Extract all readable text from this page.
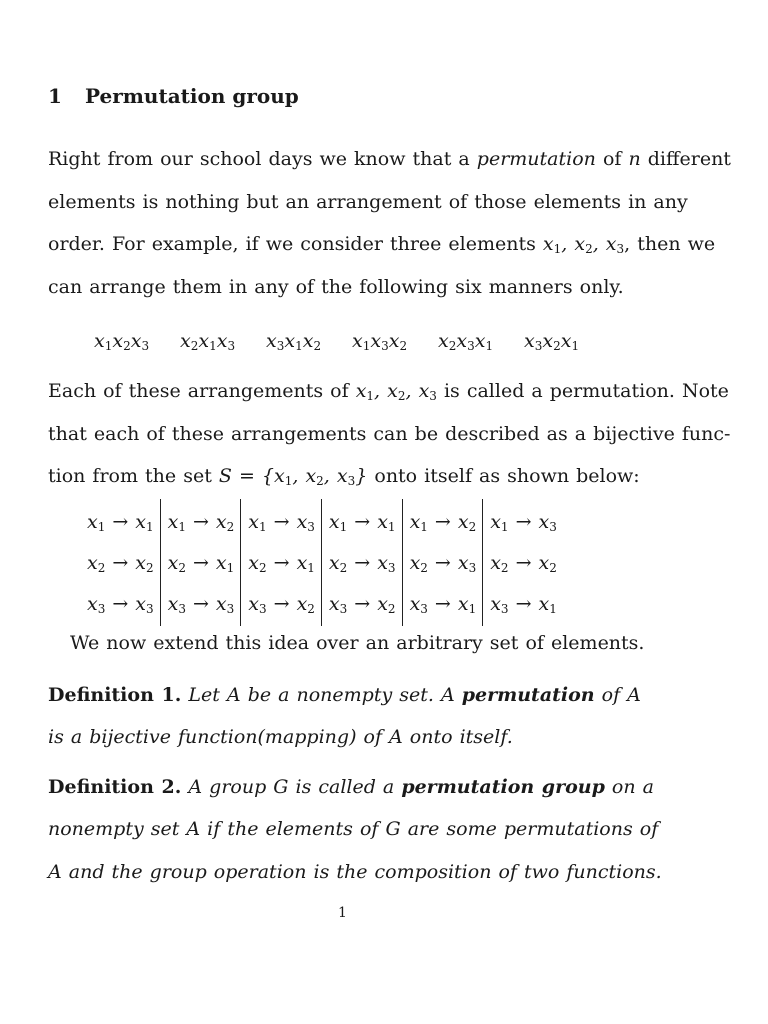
1 Permutation group
Right from our school days we know that a permutation of n different
elements is nothing but an arrangement of those elements in any
order. For example, if we consider three elements $x_1$, $x_2$, $x_3$, then we
can arrange them in any of the following six manners only.
$x_1x_2x_3$	$x_2x_1x_3$	$x_3x_1x_2$	$x_1x_3x_2$	$x_2x_3x_1$	$x_3x_2x_1$
Each of these arrangements of $x_1$, $x_2$, $x_3$ is called a permutation. Note
that each of these arrangements can be described as a bijective func-
tion from the set $S = \{x_1$, $x_2$, $x_3$} onto itself as shown below:
$x_1 \to x_1$	$x_1 \to x_2$	$x_1 \to x_3$	$x_1 \to x_1$	$x_1 \to x_2$	$x_1 \to x_3$
$x_2 \to x_2$	$x_2 \to x_1$	$x_2 \to x_1$	$x_2 \to x_3$	$x_2 \to x_3$	$x_2 \to x_2$
$x_3 \to x_3$	$x_3 \to x_3$	$x_3 \to x_2$	$x_3 \to x_2$	$x_3 \to x_1$	$x_3 \to x_1$
We now extend this idea over an arbitrary set of elements.
Definition 1. Let A be a nonempty set. A permutation of A
is a bijective function(mapping) of A onto itself.
Definition 2. A group G is called a permutation group on a
nonempty set A if the elements of G are some permutations of
A and the group operation is the composition of two functions.
1
